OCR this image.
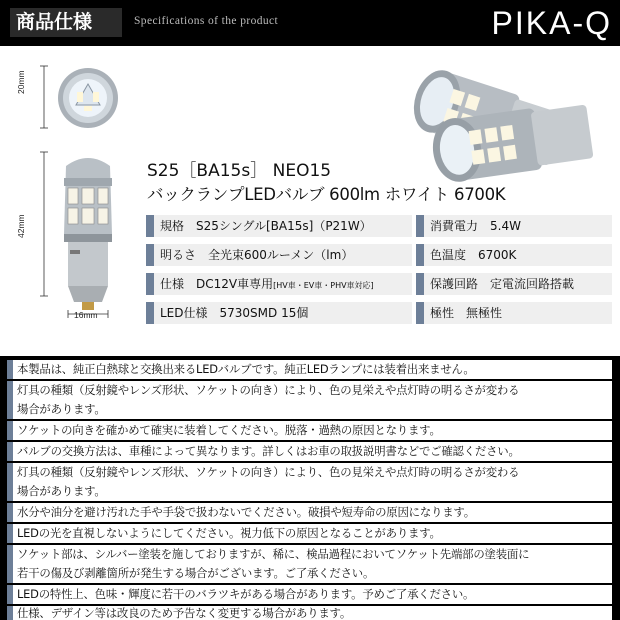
商品仕様	Specifications of the product	PIKA-Q
20mm
42mm
16mm
S25［BA15s］ NEO15
バックランプLEDバルブ 600lm ホワイト 6700K
規格　S25シングル[BA15s]（P21W）	消費電力　5.4W
明るさ　全光束600ルーメン（lm）	色温度　6700K
仕様　DC12V車専用[HV車・EV車・PHV車対応]	保護回路　定電流回路搭載
LED仕様　5730SMD 15個	極性　無極性
本製品は、純正白熱球と交換出来るLEDバルブです。純正LEDランプには装着出来ません。
灯具の種類（反射鏡やレンズ形状、ソケットの向き）により、色の見栄えや点灯時の明るさが変わる
場合があります。
ソケットの向きを確かめて確実に装着してください。脱落・過熱の原因となります。
バルブの交換方法は、車種によって異なります。詳しくはお車の取扱説明書などでご確認ください。
灯具の種類（反射鏡やレンズ形状、ソケットの向き）により、色の見栄えや点灯時の明るさが変わる
場合があります。
水分や油分を避け汚れた手や手袋で扱わないでください。破損や短寿命の原因になります。
LEDの光を直視しないようにしてください。視力低下の原因となることがあります。
ソケット部は、シルバー塗装を施しておりますが、稀に、検品過程においてソケット先端部の塗装面に
若干の傷及び剥離箇所が発生する場合がございます。ご了承ください。
LEDの特性上、色味・輝度に若干のバラツキがある場合があります。予めご了承ください。
仕様、デザイン等は改良のため予告なく変更する場合があります。
